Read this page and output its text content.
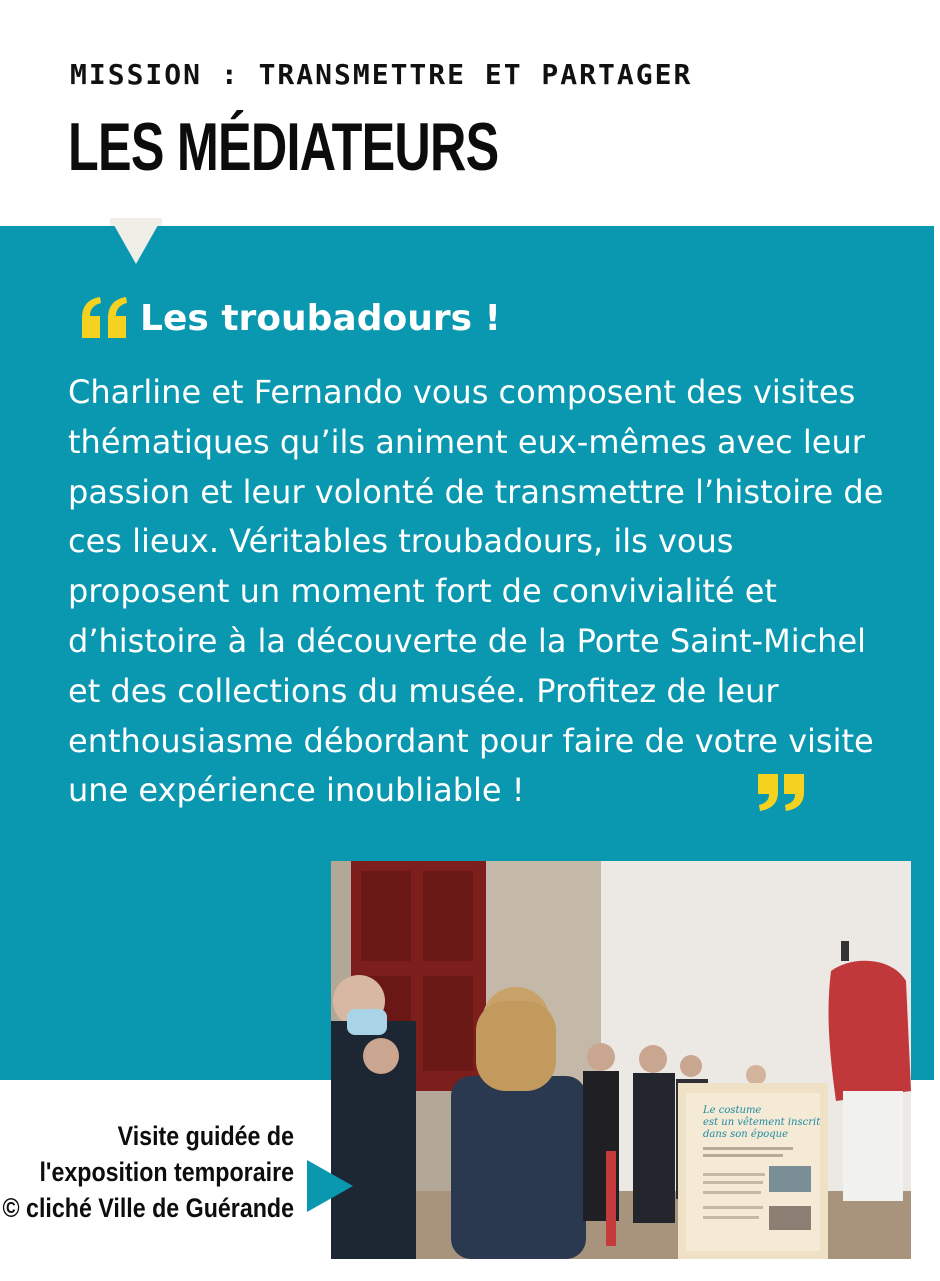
MISSION : TRANSMETTRE ET PARTAGER
LES MÉDIATEURS
Les troubadours !

Charline et Fernando vous composent des visites thématiques qu’ils animent eux-mêmes avec leur passion et leur volonté de transmettre l’histoire de ces lieux. Véritables troubadours, ils vous proposent un moment fort de convivialité et d’histoire à la découverte de la Porte Saint-Michel et des collections du musée. Profitez de leur enthousiasme débordant pour faire de votre visite une expérience inoubliable !

Le costume
est un vêtement inscrit
dans son époque
Visite guidée de
l'exposition temporaire
© cliché Ville de Guérande
